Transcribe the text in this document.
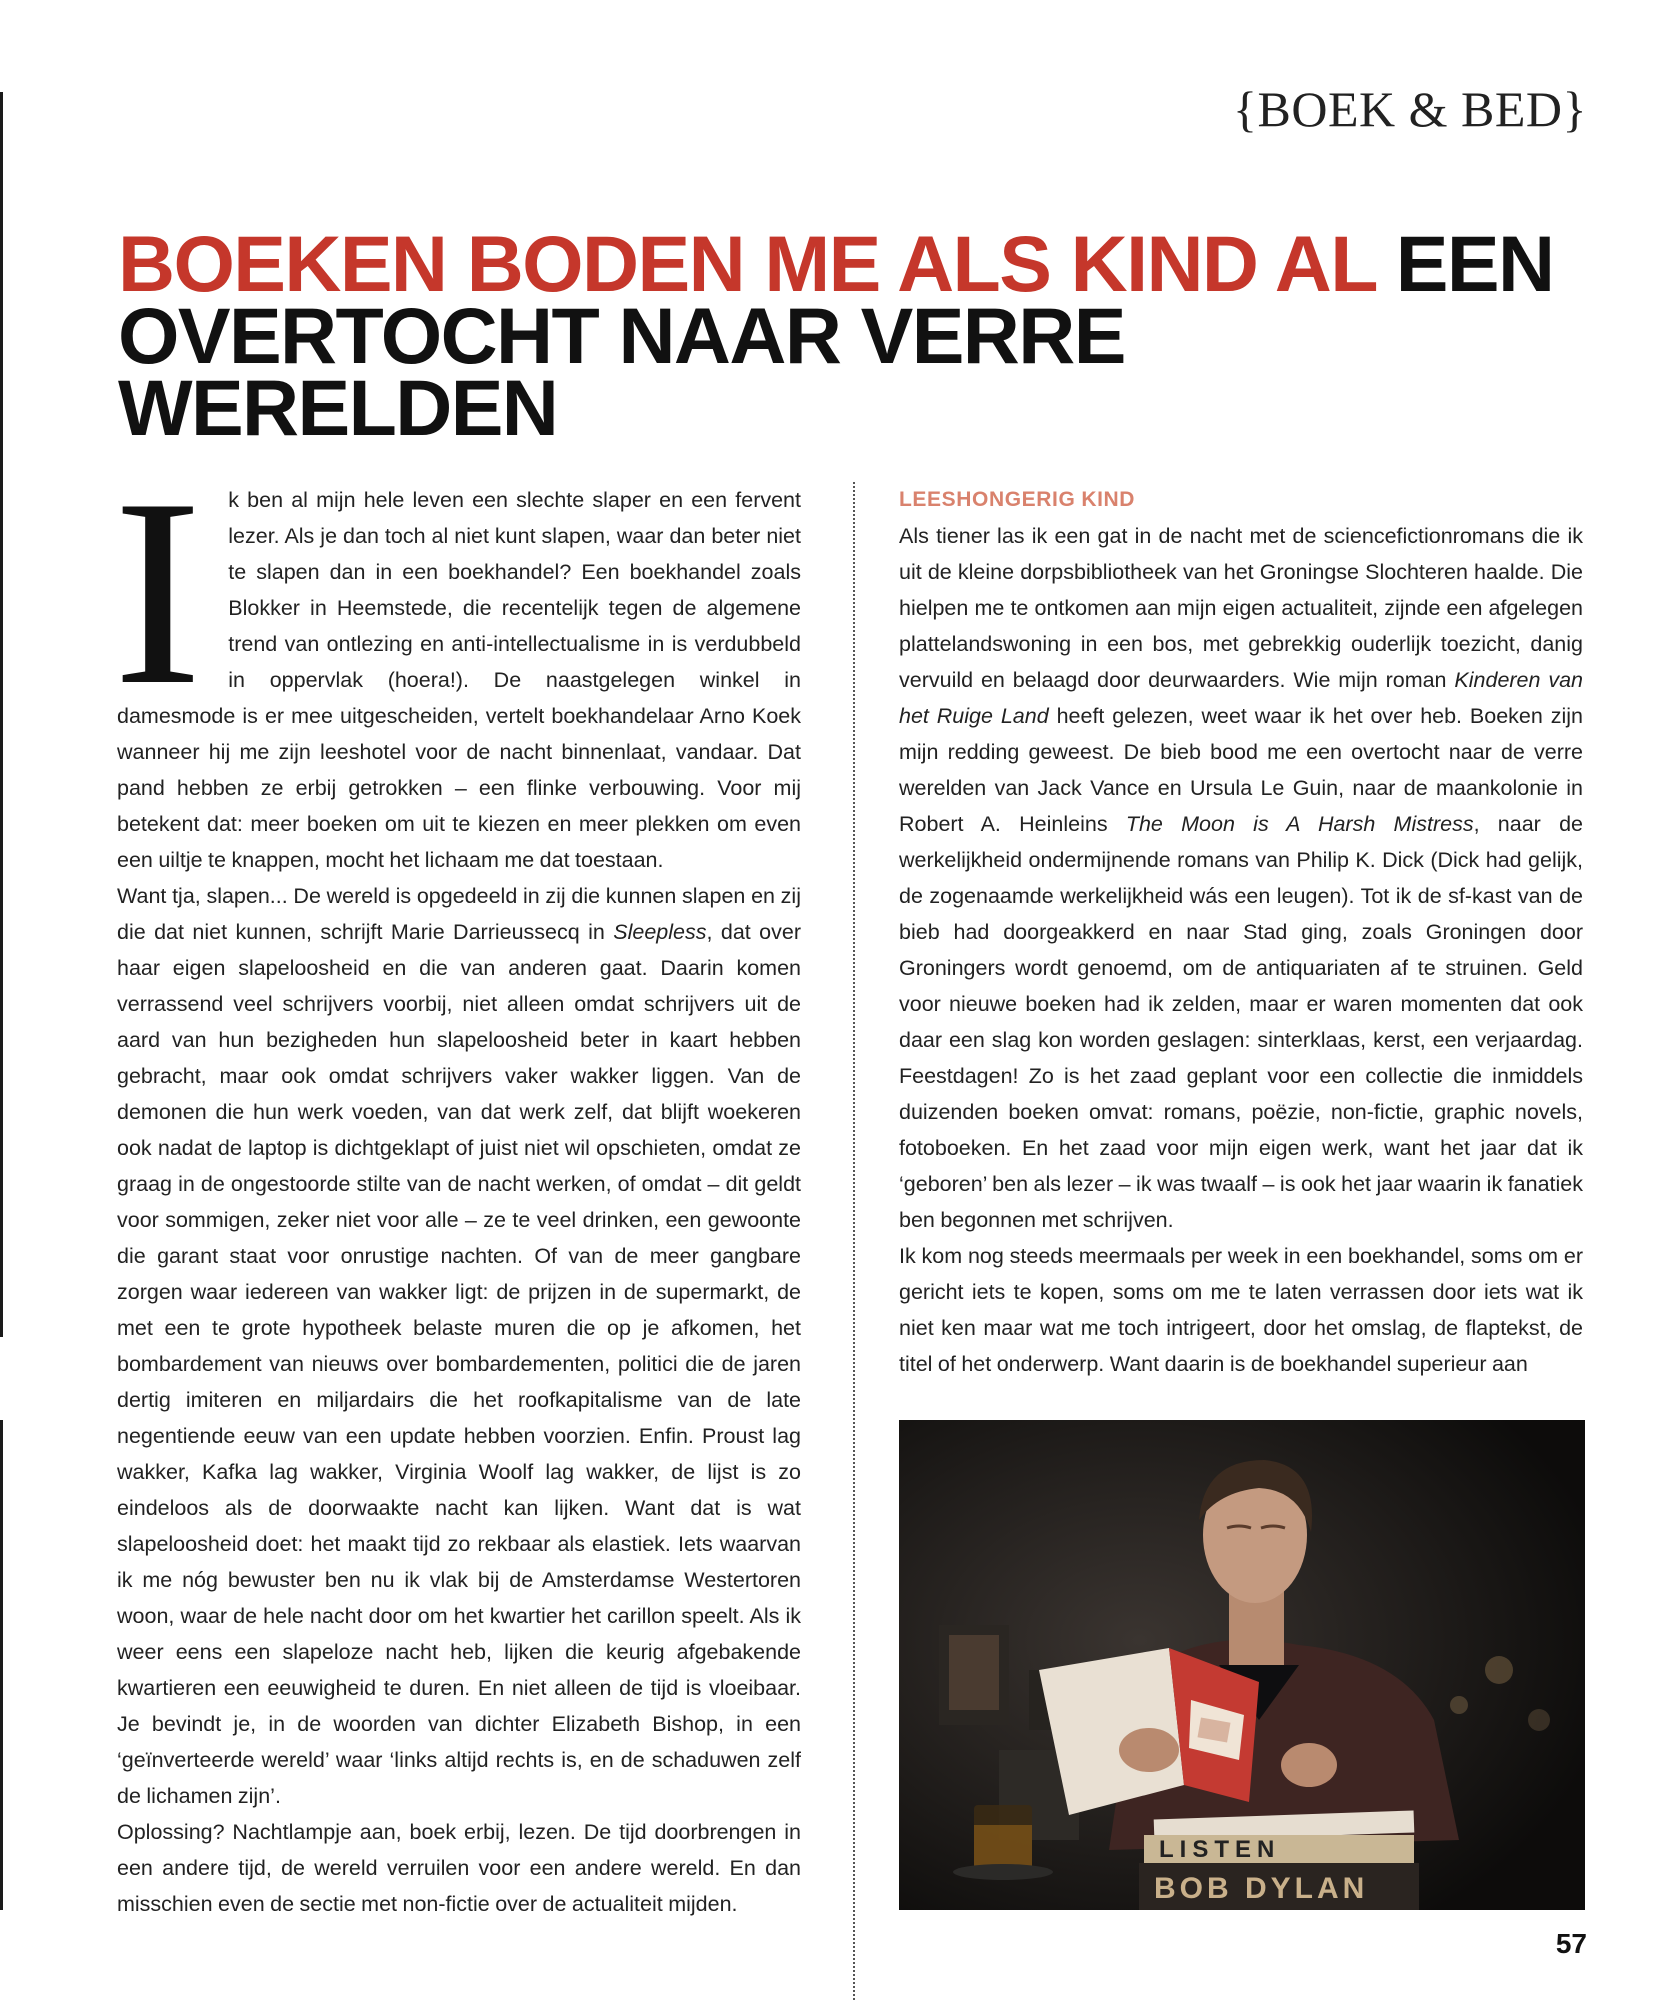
{BOEK & BED}
BOEKEN BODEN ME ALS KIND AL EEN OVERTOCHT NAAR VERRE WERELDEN

I k ben al mijn hele leven een slechte slaper en een fervent lezer. Als je dan toch al niet kunt slapen, waar dan beter niet te slapen dan in een boekhandel? Een boekhandel zoals Blokker in Heemstede, die recentelijk tegen de algemene trend van ontlezing en anti-intellectualisme in is verdubbeld in oppervlak (hoera!). De naastgelegen winkel in damesmode is er mee uitgescheiden, vertelt boekhandelaar Arno Koek wanneer hij me zijn leeshotel voor de nacht binnenlaat, vandaar. Dat pand hebben ze erbij getrokken – een flinke verbouwing. Voor mij betekent dat: meer boeken om uit te kiezen en meer plekken om even een uiltje te knappen, mocht het lichaam me dat toestaan.

Want tja, slapen... De wereld is opgedeeld in zij die kunnen slapen en zij die dat niet kunnen, schrijft Marie Darrieussecq in Sleepless, dat over haar eigen slapeloosheid en die van anderen gaat. Daarin komen verrassend veel schrijvers voorbij, niet alleen omdat schrijvers uit de aard van hun bezigheden hun slapeloosheid beter in kaart hebben gebracht, maar ook omdat schrijvers vaker wakker liggen. Van de demonen die hun werk voeden, van dat werk zelf, dat blijft woekeren ook nadat de laptop is dichtgeklapt of juist niet wil opschieten, omdat ze graag in de ongestoorde stilte van de nacht werken, of omdat – dit geldt voor sommigen, zeker niet voor alle – ze te veel drinken, een gewoonte die garant staat voor onrustige nachten. Of van de meer gangbare zorgen waar iedereen van wakker ligt: de prijzen in de supermarkt, de met een te grote hypotheek belaste muren die op je afkomen, het bombardement van nieuws over bombardementen, politici die de jaren dertig imiteren en miljardairs die het roofkapitalisme van de late negentiende eeuw van een update hebben voorzien. Enfin. Proust lag wakker, Kafka lag wakker, Virginia Woolf lag wakker, de lijst is zo eindeloos als de doorwaakte nacht kan lijken. Want dat is wat slapeloosheid doet: het maakt tijd zo rekbaar als elastiek. Iets waarvan ik me nóg bewuster ben nu ik vlak bij de Amsterdamse Westertoren woon, waar de hele nacht door om het kwartier het carillon speelt. Als ik weer eens een slapeloze nacht heb, lijken die keurig afgebakende kwartieren een eeuwigheid te duren. En niet alleen de tijd is vloeibaar. Je bevindt je, in de woorden van dichter Elizabeth Bishop, in een ‘geïnverteerde wereld’ waar ‘links altijd rechts is, en de schaduwen zelf de lichamen zijn’.

Oplossing? Nachtlampje aan, boek erbij, lezen. De tijd doorbrengen in een andere tijd, de wereld verruilen voor een andere wereld. En dan misschien even de sectie met non-fictie over de actualiteit mijden.

LEESHONGERIG KIND

Als tiener las ik een gat in de nacht met de sciencefictionromans die ik uit de kleine dorpsbibliotheek van het Groningse Slochteren haalde. Die hielpen me te ontkomen aan mijn eigen actualiteit, zijnde een afgelegen plattelandswoning in een bos, met gebrekkig ouderlijk toezicht, danig vervuild en belaagd door deurwaarders. Wie mijn roman Kinderen van het Ruige Land heeft gelezen, weet waar ik het over heb. Boeken zijn mijn redding geweest. De bieb bood me een overtocht naar de verre werelden van Jack Vance en Ursula Le Guin, naar de maankolonie in Robert A. Heinleins The Moon is A Harsh Mistress, naar de werkelijkheid ondermijnende romans van Philip K. Dick (Dick had gelijk, de zogenaamde werkelijkheid wás een leugen). Tot ik de sf-kast van de bieb had doorgeakkerd en naar Stad ging, zoals Groningen door Groningers wordt genoemd, om de antiquariaten af te struinen. Geld voor nieuwe boeken had ik zelden, maar er waren momenten dat ook daar een slag kon worden geslagen: sinterklaas, kerst, een verjaardag. Feestdagen! Zo is het zaad geplant voor een collectie die inmiddels duizenden boeken omvat: romans, poëzie, non-fictie, graphic novels, fotoboeken. En het zaad voor mijn eigen werk, want het jaar dat ik ‘geboren’ ben als lezer – ik was twaalf – is ook het jaar waarin ik fanatiek ben begonnen met schrijven.

Ik kom nog steeds meermaals per week in een boekhandel, soms om er gericht iets te kopen, soms om me te laten verrassen door iets wat ik niet ken maar wat me toch intrigeert, door het omslag, de flaptekst, de titel of het onderwerp. Want daarin is de boekhandel superieur aan

LISTEN
BOB DYLAN
57
